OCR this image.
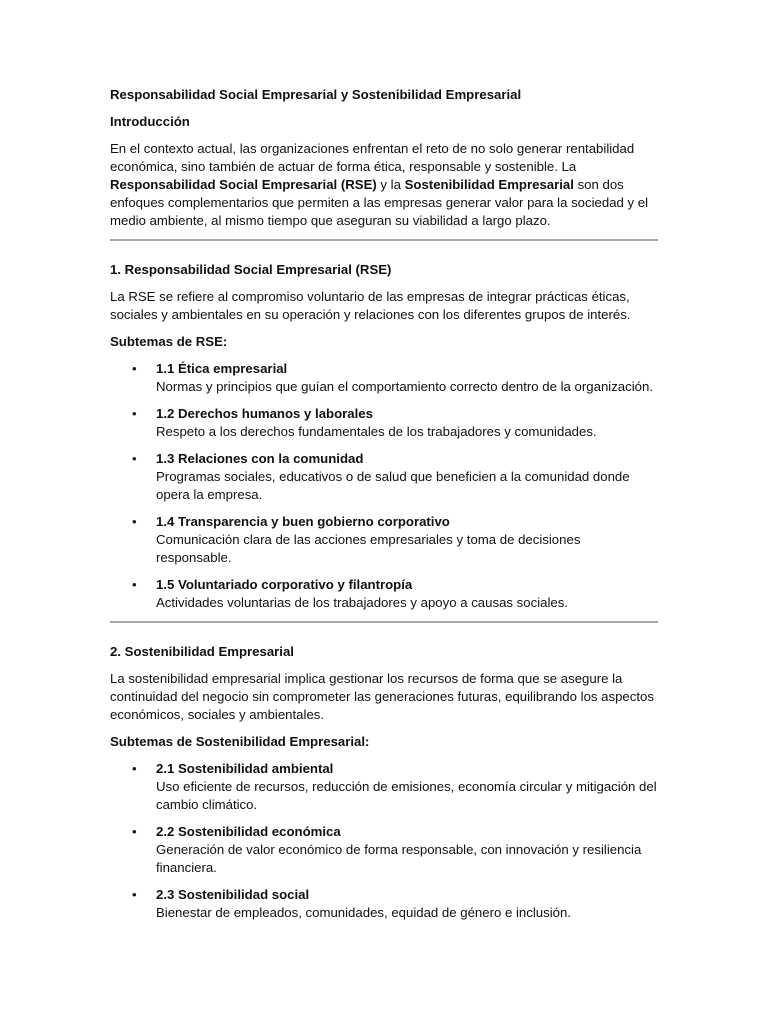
Responsabilidad Social Empresarial y Sostenibilidad Empresarial
Introducción

En el contexto actual, las organizaciones enfrentan el reto de no solo generar rentabilidad económica, sino también de actuar de forma ética, responsable y sostenible. La Responsabilidad Social Empresarial (RSE) y la Sostenibilidad Empresarial son dos enfoques complementarios que permiten a las empresas generar valor para la sociedad y el medio ambiente, al mismo tiempo que aseguran su viabilidad a largo plazo.

1. Responsabilidad Social Empresarial (RSE)

La RSE se refiere al compromiso voluntario de las empresas de integrar prácticas éticas, sociales y ambientales en su operación y relaciones con los diferentes grupos de interés.

Subtemas de RSE:
• 1.1 Ética empresarial
Normas y principios que guían el comportamiento correcto dentro de la organización.
• 1.2 Derechos humanos y laborales
Respeto a los derechos fundamentales de los trabajadores y comunidades.
• 1.3 Relaciones con la comunidad
Programas sociales, educativos o de salud que beneficien a la comunidad donde opera la empresa.
• 1.4 Transparencia y buen gobierno corporativo
Comunicación clara de las acciones empresariales y toma de decisiones responsable.
• 1.5 Voluntariado corporativo y filantropía
Actividades voluntarias de los trabajadores y apoyo a causas sociales.
2. Sostenibilidad Empresarial

La sostenibilidad empresarial implica gestionar los recursos de forma que se asegure la continuidad del negocio sin comprometer las generaciones futuras, equilibrando los aspectos económicos, sociales y ambientales.

Subtemas de Sostenibilidad Empresarial:
• 2.1 Sostenibilidad ambiental
Uso eficiente de recursos, reducción de emisiones, economía circular y mitigación del cambio climático.
• 2.2 Sostenibilidad económica
Generación de valor económico de forma responsable, con innovación y resiliencia financiera.
• 2.3 Sostenibilidad social
Bienestar de empleados, comunidades, equidad de género e inclusión.
